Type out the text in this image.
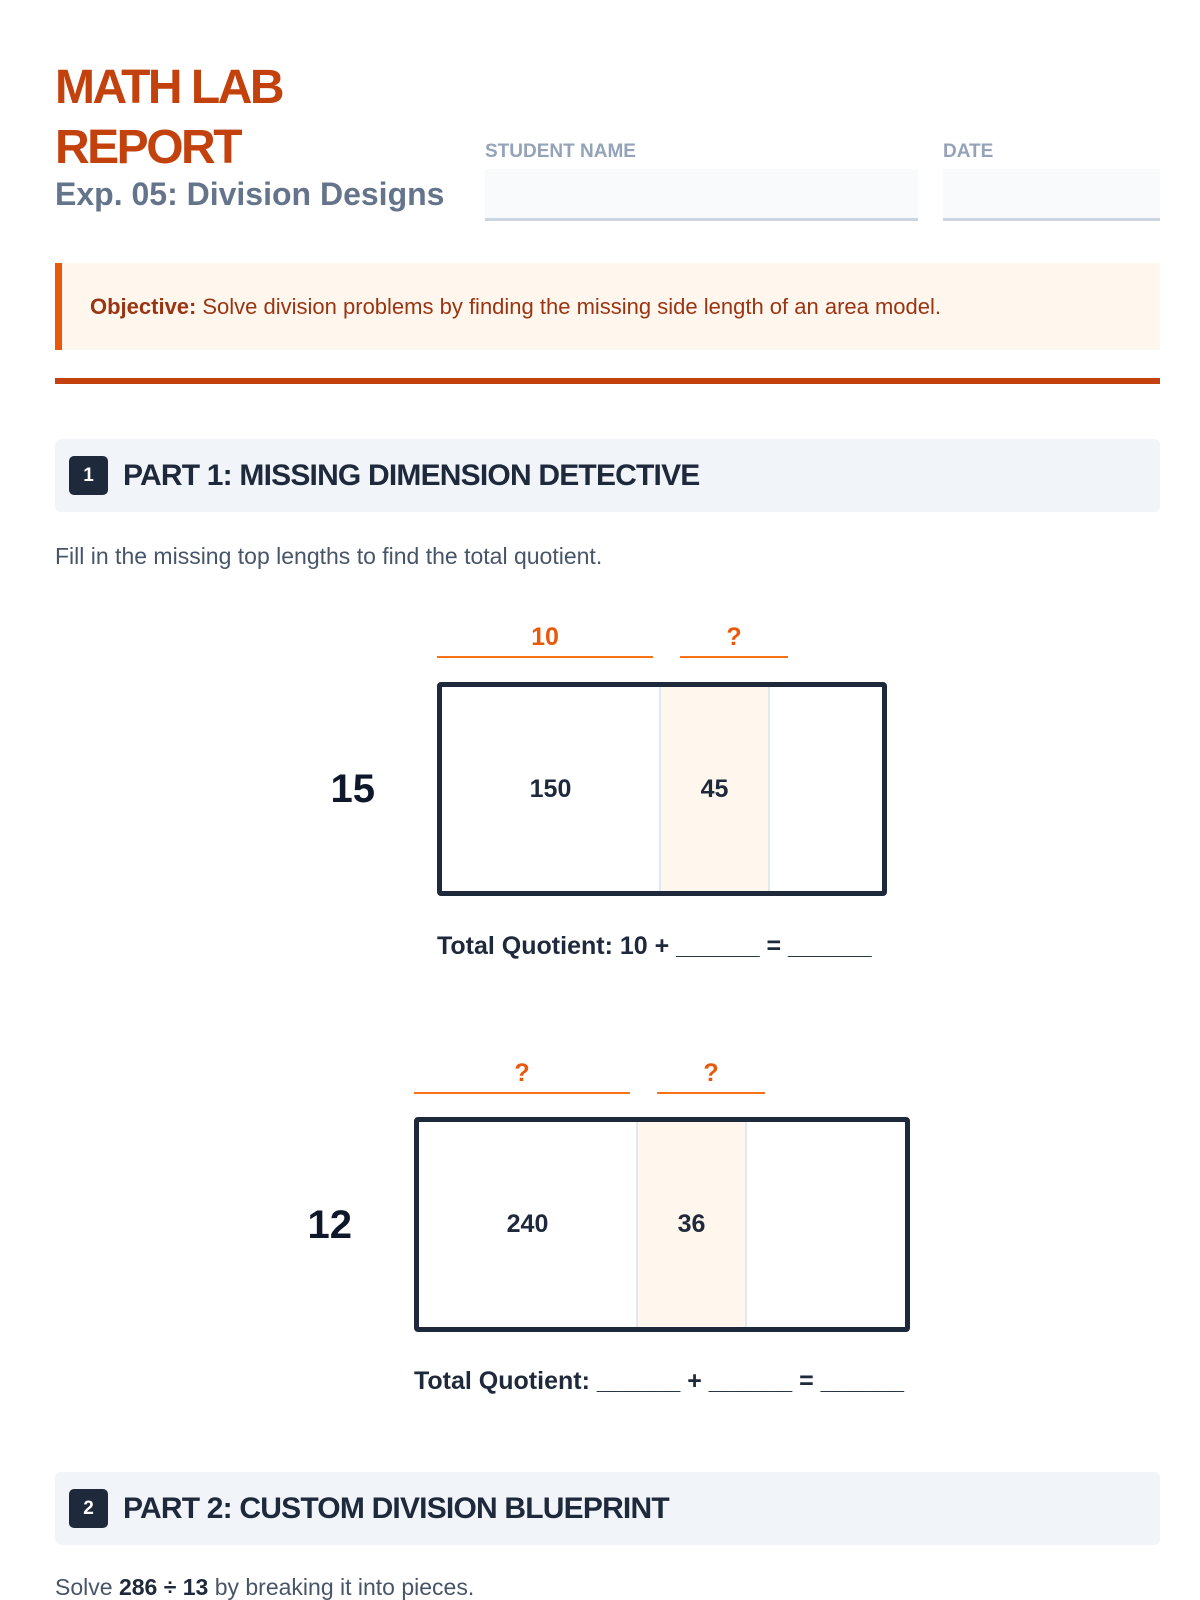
MATH LAB
REPORT
Exp. 05: Division Designs
STUDENT NAME	DATE
Objective: Solve division problems by finding the missing side length of an area model.
1 PART 1: MISSING DIMENSION DETECTIVE
Fill in the missing top lengths to find the total quotient.
10	?
15	150	45
Total Quotient: 10 + ______ = ______
?	?
12	240	36
Total Quotient: ______ + ______ = ______
2 PART 2: CUSTOM DIVISION BLUEPRINT
Solve 286 ÷ 13 by breaking it into pieces.
